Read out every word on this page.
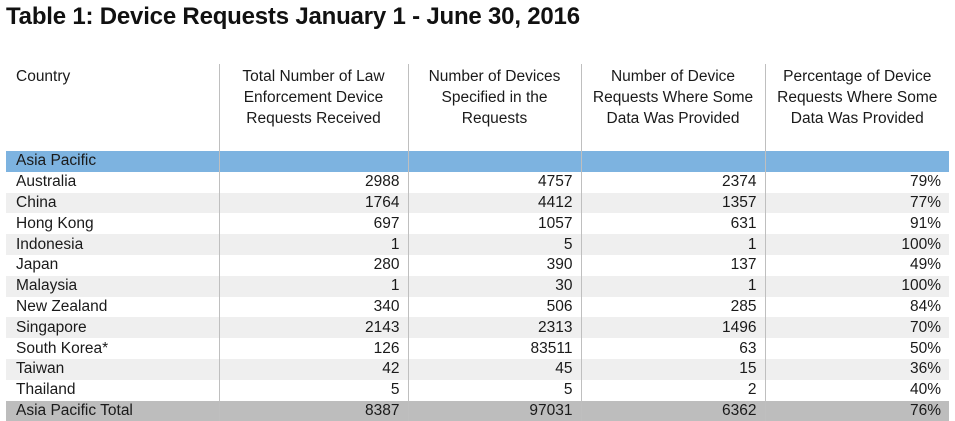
Table 1: Device Requests January 1 - June 30, 2016
Country	Total Number of Law Enforcement Device Requests Received	Number of Devices Specified in the Requests	Number of Device Requests Where Some Data Was Provided	Percentage of Device Requests Where Some Data Was Provided
Asia Pacific				
Australia	2988	4757	2374	79%
China	1764	4412	1357	77%
Hong Kong	697	1057	631	91%
Indonesia	1	5	1	100%
Japan	280	390	137	49%
Malaysia	1	30	1	100%
New Zealand	340	506	285	84%
Singapore	2143	2313	1496	70%
South Korea*	126	83511	63	50%
Taiwan	42	45	15	36%
Thailand	5	5	2	40%
Asia Pacific Total	8387	97031	6362	76%
